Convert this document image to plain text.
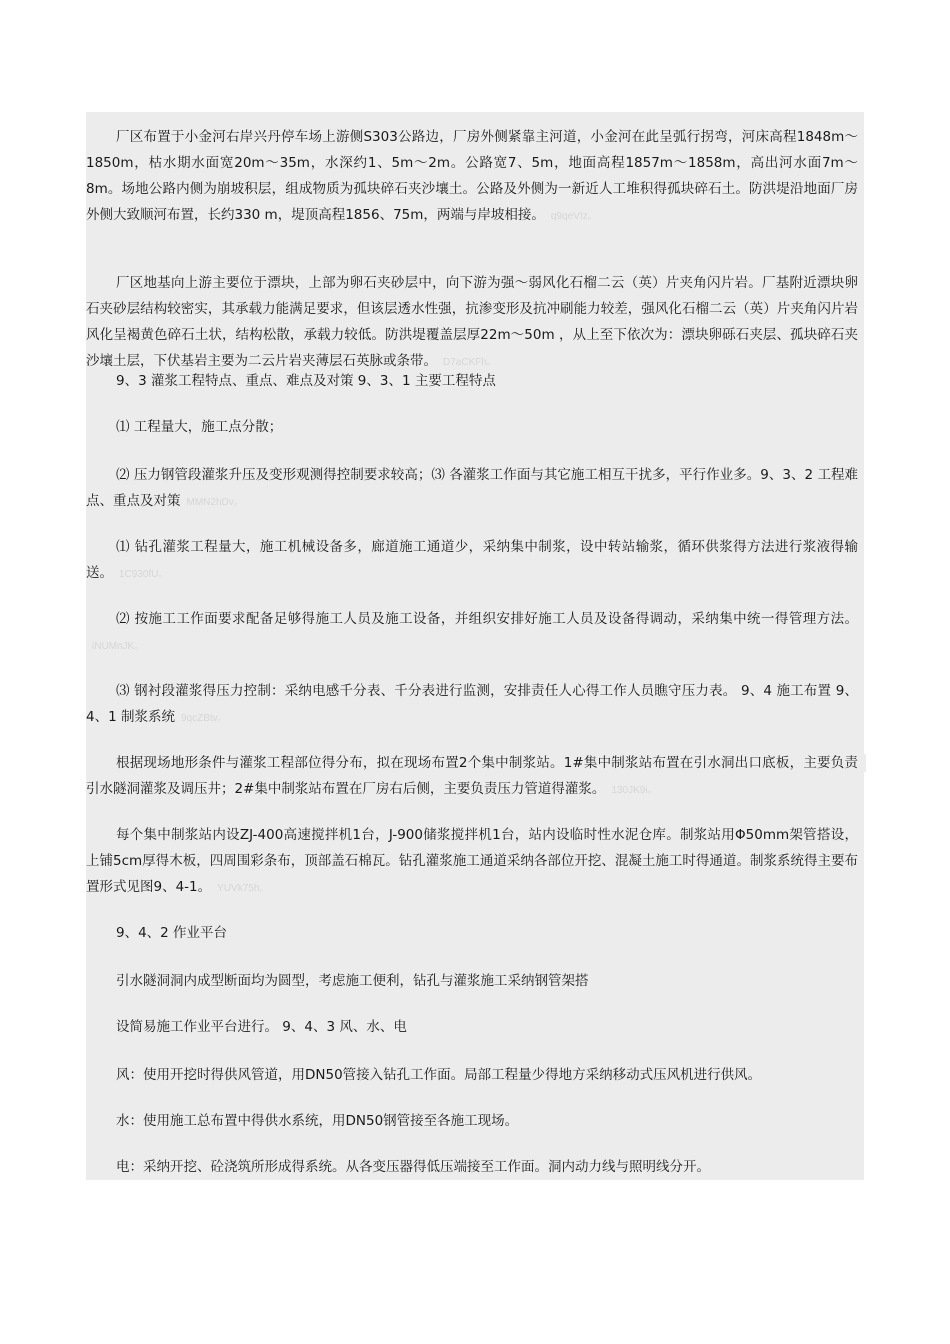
厂区布置于小金河右岸兴丹停车场上游侧S303公路边，厂房外侧紧靠主河道，小金河在此呈弧行拐弯，河床高程1848m～1850m，枯水期水面宽20m～35m，水深约1、5m～2m。公路宽7、5m，地面高程1857m～1858m，高出河水面7m～8m。场地公路内侧为崩坡积层，组成物质为孤块碎石夹沙壤土。公路及外侧为一新近人工堆积得孤块碎石土。防洪堤沿地面厂房外侧大致顺河布置，长约330 m，堤顶高程1856、75m，两端与岸坡相接。 q9qeVIz。

厂区地基向上游主要位于漂块，上部为卵石夹砂层中，向下游为强～弱风化石榴二云（英）片夹角闪片岩。厂基附近漂块卵石夹砂层结构较密实，其承载力能满足要求，但该层透水性强，抗渗变形及抗冲刷能力较差，强风化石榴二云（英）片夹角闪片岩风化呈褐黄色碎石土状，结构松散，承载力较低。防洪堤覆盖层厚22m～50m ，从上至下依次为：漂块卵砾石夹层、孤块碎石夹沙壤土层，下伏基岩主要为二云片岩夹薄层石英脉或条带。 D7aCKFh。

9、3 灌浆工程特点、重点、难点及对策 9、3、1 主要工程特点

⑴ 工程量大，施工点分散；

⑵ 压力钢管段灌浆升压及变形观测得控制要求较高；⑶ 各灌浆工作面与其它施工相互干扰多，平行作业多。9、3、2 工程难点、重点及对策 MMN2hDv。

⑴ 钻孔灌浆工程量大，施工机械设备多，廊道施工通道少，采纳集中制浆，设中转站输浆，循环供浆得方法进行浆液得输送。 1C930fU。

⑵ 按施工工作面要求配备足够得施工人员及施工设备，并组织安排好施工人员及设备得调动，采纳集中统一得管理方法。iNUMnJK。

⑶ 钢衬段灌浆得压力控制：采纳电感千分表、千分表进行监测，安排责任人心得工作人员瞧守压力表。 9、4 施工布置 9、4、1 制浆系统 9qcZBtv。

根据现场地形条件与灌浆工程部位得分布，拟在现场布置2个集中制浆站。1#集中制浆站布置在引水洞出口底板，主要负责引水隧洞灌浆及调压井；2#集中制浆站布置在厂房右后侧，主要负责压力管道得灌浆。 130JK9i。

每个集中制浆站内设ZJ-400高速搅拌机1台，J-900储浆搅拌机1台，站内设临时性水泥仓库。制浆站用Φ50mm架管搭设，上铺5cm厚得木板，四周围彩条布，顶部盖石棉瓦。钻孔灌浆施工通道采纳各部位开挖、混凝土施工时得通道。制浆系统得主要布置形式见图9、4-1。 YUVk75h。

9、4、2 作业平台

引水隧洞洞内成型断面均为圆型，考虑施工便利，钻孔与灌浆施工采纳钢管架搭

设简易施工作业平台进行。 9、4、3 风、水、电

风：使用开挖时得供风管道，用DN50管接入钻孔工作面。局部工程量少得地方采纳移动式压风机进行供风。

水：使用施工总布置中得供水系统，用DN50钢管接至各施工现场。

电：采纳开挖、砼浇筑所形成得系统。从各变压器得低压端接至工作面。洞内动力线与照明线分开。
